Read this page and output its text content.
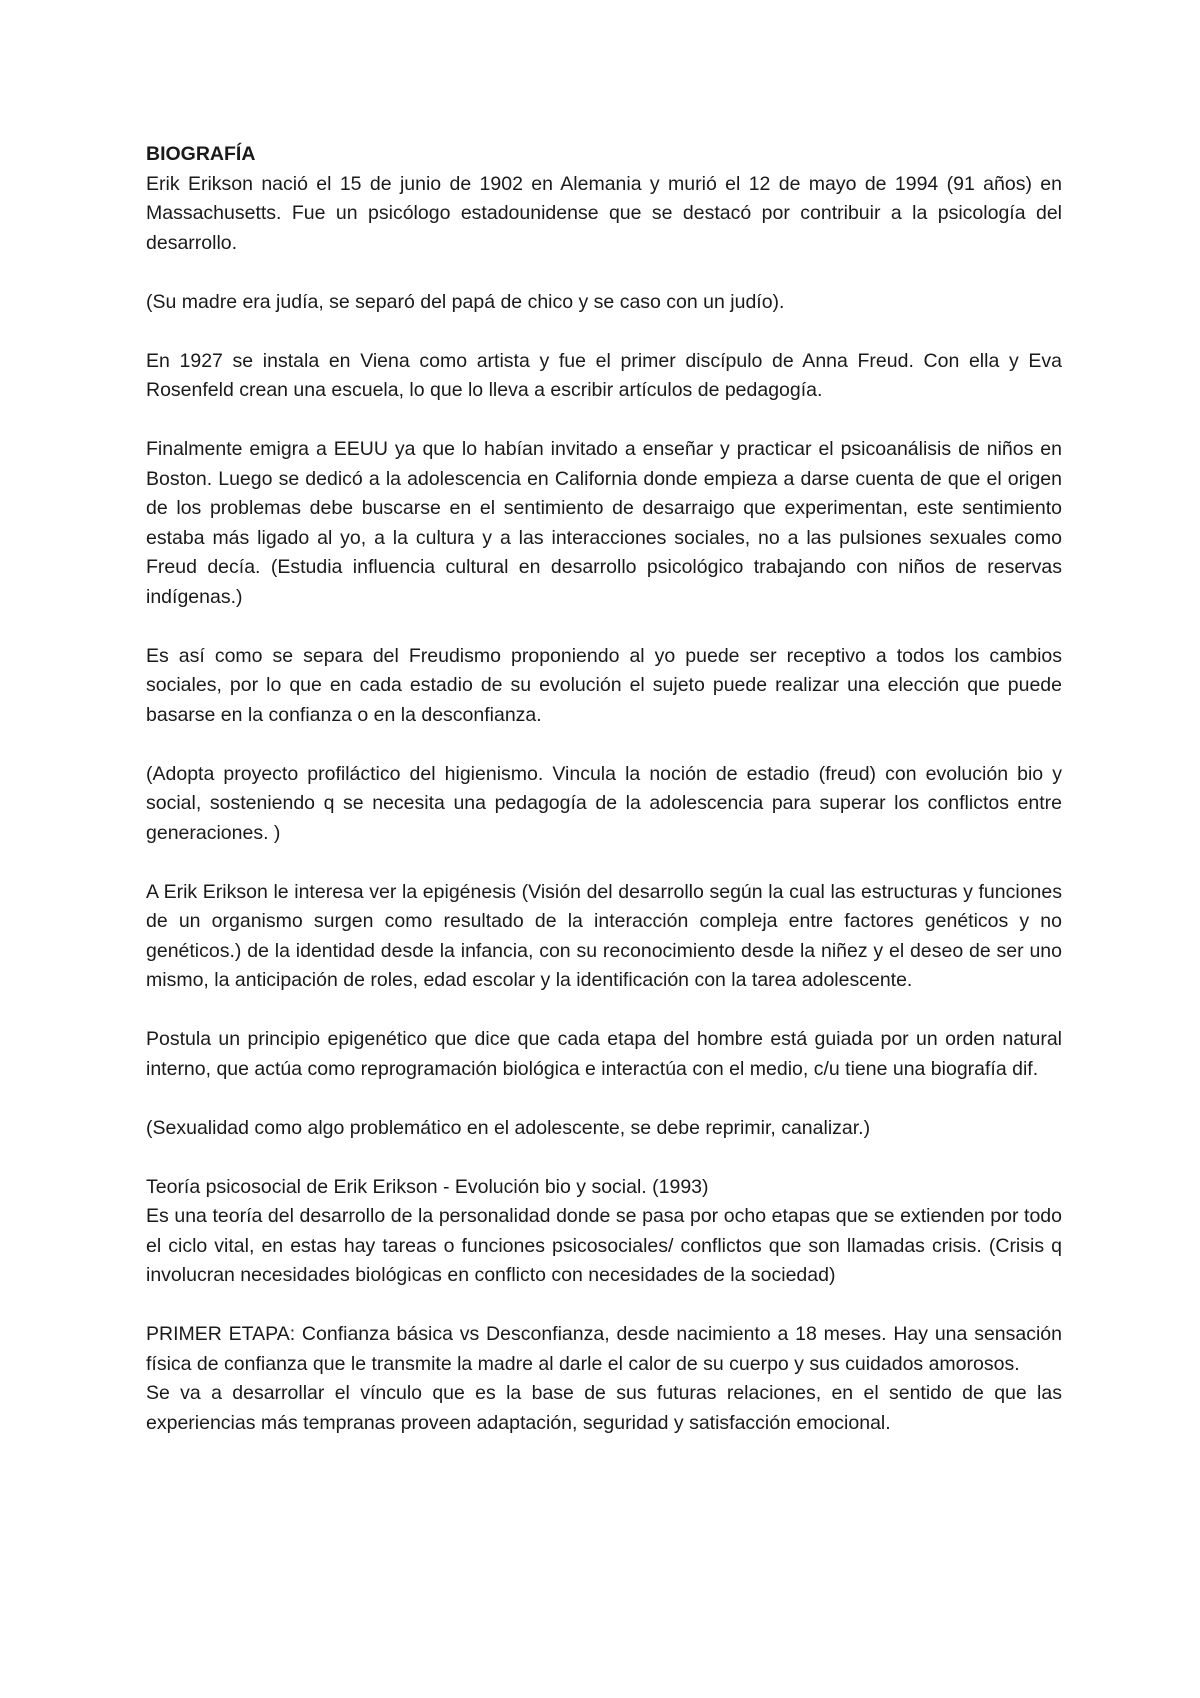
BIOGRAFÍA

Erik Erikson nació el 15 de junio de 1902 en Alemania y murió el 12 de mayo de 1994 (91 años) en Massachusetts. Fue un psicólogo estadounidense que se destacó por contribuir a la psicología del desarrollo.

(Su madre era judía, se separó del papá de chico y se caso con un judío).

En 1927 se instala en Viena como artista y fue el primer discípulo de Anna Freud. Con ella y Eva Rosenfeld crean una escuela, lo que lo lleva a escribir artículos de pedagogía.

Finalmente emigra a EEUU ya que lo habían invitado a enseñar y practicar el psicoanálisis de niños en Boston. Luego se dedicó a la adolescencia en California donde empieza a darse cuenta de que el origen de los problemas debe buscarse en el sentimiento de desarraigo que experimentan, este sentimiento estaba más ligado al yo, a la cultura y a las interacciones sociales, no a las pulsiones sexuales como Freud decía. (Estudia influencia cultural en desarrollo psicológico trabajando con niños de reservas indígenas.)

Es así como se separa del Freudismo proponiendo al yo puede ser receptivo a todos los cambios sociales, por lo que en cada estadio de su evolución el sujeto puede realizar una elección que puede basarse en la confianza o en la desconfianza.

(Adopta proyecto profiláctico del higienismo. Vincula la noción de estadio (freud) con evolución bio y social, sosteniendo q se necesita una pedagogía de la adolescencia para superar los conflictos entre generaciones. )

A Erik Erikson le interesa ver la epigénesis (Visión del desarrollo según la cual las estructuras y funciones de un organismo surgen como resultado de la interacción compleja entre factores genéticos y no genéticos.) de la identidad desde la infancia, con su reconocimiento desde la niñez y el deseo de ser uno mismo, la anticipación de roles, edad escolar y la identificación con la tarea adolescente.

Postula un principio epigenético que dice que cada etapa del hombre está guiada por un orden natural interno, que actúa como reprogramación biológica e interactúa con el medio, c/u tiene una biografía dif.

(Sexualidad como algo problemático en el adolescente, se debe reprimir, canalizar.)

Teoría psicosocial de Erik Erikson - Evolución bio y social. (1993)

Es una teoría del desarrollo de la personalidad donde se pasa por ocho etapas que se extienden por todo el ciclo vital, en estas hay tareas o funciones psicosociales/ conflictos que son llamadas crisis. (Crisis q involucran necesidades biológicas en conflicto con necesidades de la sociedad)

PRIMER ETAPA: Confianza básica vs Desconfianza, desde nacimiento a 18 meses. Hay una sensación física de confianza que le transmite la madre al darle el calor de su cuerpo y sus cuidados amorosos.

Se va a desarrollar el vínculo que es la base de sus futuras relaciones, en el sentido de que las experiencias más tempranas proveen adaptación, seguridad y satisfacción emocional.
